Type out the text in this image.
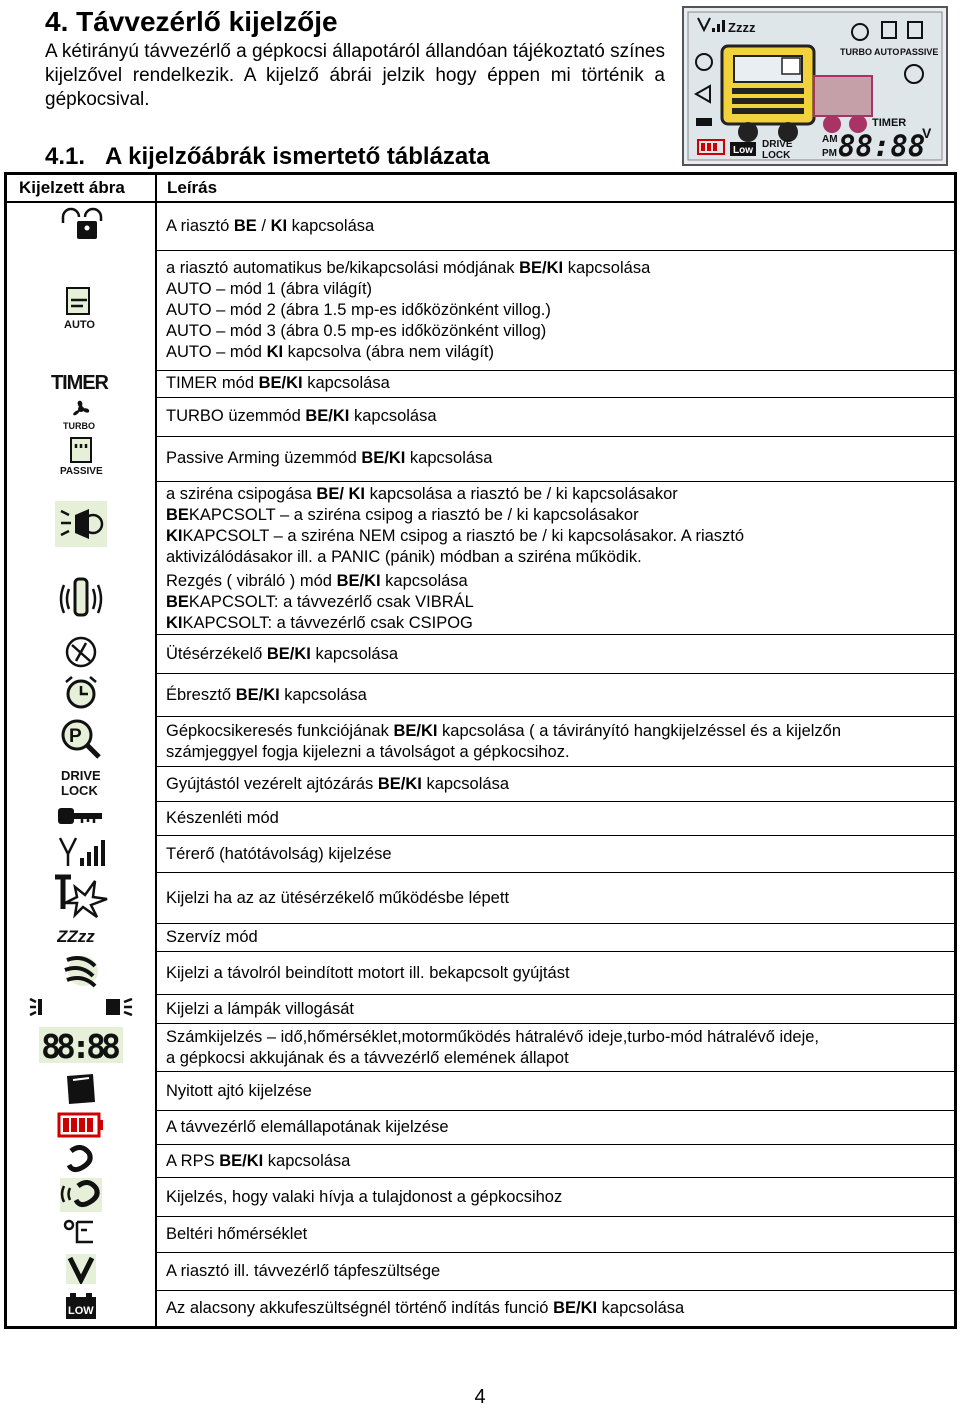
4. Távvezérlő kijelzője

A kétirányú távvezérlő a gépkocsi állapotáról állandóan tájékoztató színes kijelzővel rendelkezik. A kijelző ábrái jelzik hogy éppen mi történik a gépkocsival.

4.1. A kijelzőábrák ismertető táblázata
Zzzz
TURBO AUTO PASSIVE
TIMER
AM
PM 88:88
V
Low
DRIVE
LOCK
Kijelzett ábra	Leírás

A riasztó BE / KI kapcsolása

AUTO	a riasztó automatikus be/kikapcsolási módjának BE/KI kapcsolása
AUTO – mód 1 (ábra világít)
AUTO – mód 2 (ábra 1.5 mp-es időközönként villog.)
AUTO – mód 3 (ábra 0.5 mp-es időközönként villog)
AUTO – mód KI kapcsolva (ábra nem világít)

TIMER	TIMER mód BE/KI kapcsolása

TURBO	TURBO üzemmód BE/KI kapcsolása

PASSIVE	Passive Arming üzemmód BE/KI kapcsolása

a sziréna csipogása BE/ KI kapcsolása a riasztó be / ki kapcsolásakor
BEKAPCSOLT – a sziréna csipog a riasztó be / ki kapcsolásakor
KIKAPCSOLT – a sziréna NEM csipog a riasztó be / ki kapcsolásakor. A riasztó
aktivizálódásakor ill. a PANIC (pánik) módban a sziréna működik.

Rezgés ( vibráló ) mód BE/KI kapcsolása
BEKAPCSOLT: a távvezérlő csak VIBRÁL
KIKAPCSOLT: a távvezérlő csak CSIPOG

Ütésérzékelő BE/KI kapcsolása

Ébresztő BE/KI kapcsolása

P	Gépkocsikeresés funkciójának BE/KI kapcsolása ( a távirányító hangkijelzéssel és a kijelzőn
számjeggyel fogja kijelezni a távolságot a gépkocsihoz.

DRIVE
LOCK	Gyújtástól vezérelt ajtózárás BE/KI kapcsolása

Készenléti mód

Térerő (hatótávolság) kijelzése

Kijelzi ha az az ütésérzékelő működésbe lépett

ZZzz	Szervíz mód

Kijelzi a távolról beindított motort ill. bekapcsolt gyújtást

Kijelzi a lámpák villogását

88:88	Számkijelzés – idő,hőmérséklet,motorműködés hátralévő ideje,turbo-mód hátralévő ideje,
a gépkocsi akkujának és a távvezérlő elemének állapot

Nyitott ajtó kijelzése

A távvezérlő elemállapotának kijelzése

A RPS BE/KI kapcsolása

Kijelzés, hogy valaki hívja a tulajdonost a gépkocsihoz

Beltéri hőmérséklet

A riasztó ill. távvezérlő tápfeszültsége

LOW	Az alacsony akkufeszültségnél történő indítás funció BE/KI kapcsolása
4
